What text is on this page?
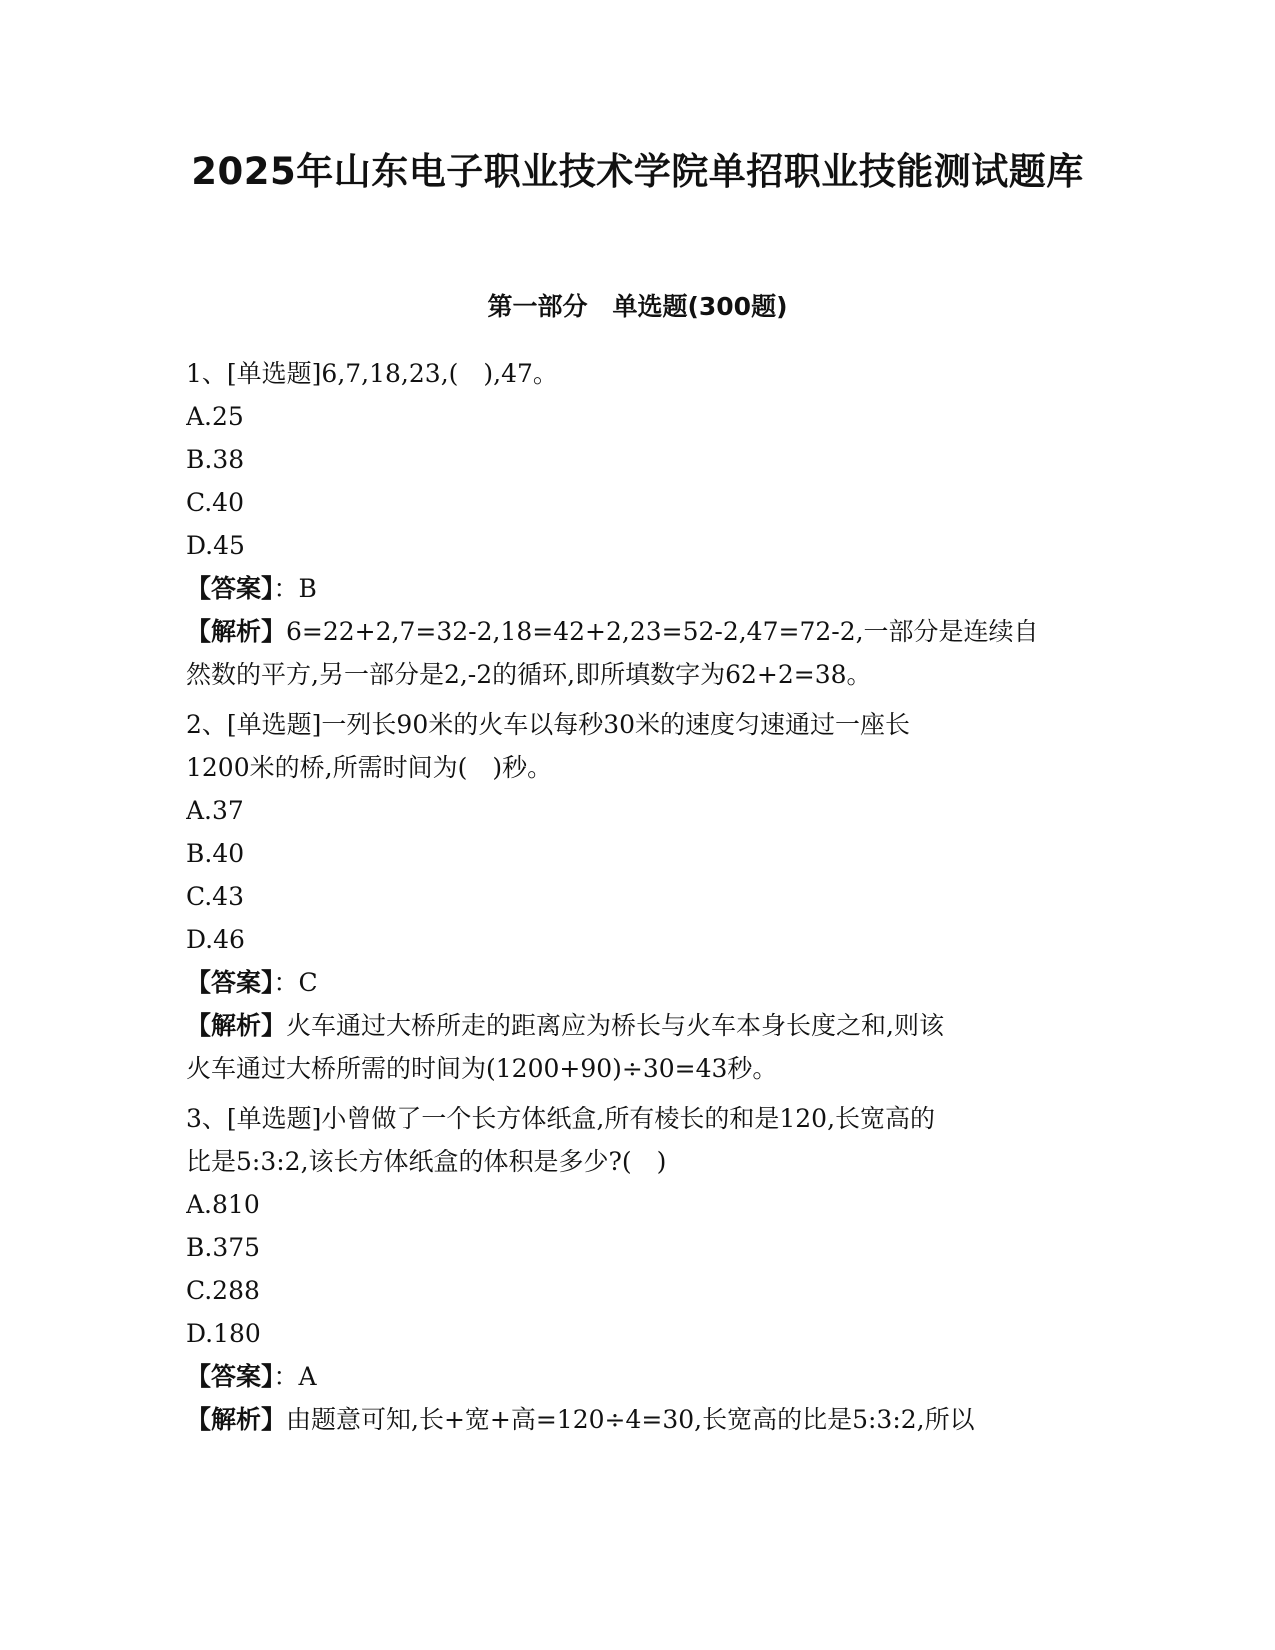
2025年山东电子职业技术学院单招职业技能测试题库
第一部分　单选题(300题)
1、[单选题]6,7,18,23,(　),47。
A.25
B.38
C.40
D.45
【答案】：B
【解析】6=22+2,7=32-2,18=42+2,23=52-2,47=72-2,一部分是连续自
然数的平方,另一部分是2,-2的循环,即所填数字为62+2=38。
2、[单选题]一列长90米的火车以每秒30米的速度匀速通过一座长
1200米的桥,所需时间为(　)秒。
A.37
B.40
C.43
D.46
【答案】：C
【解析】火车通过大桥所走的距离应为桥长与火车本身长度之和,则该
火车通过大桥所需的时间为(1200+90)÷30=43秒。
3、[单选题]小曾做了一个长方体纸盒,所有棱长的和是120,长宽高的
比是5:3:2,该长方体纸盒的体积是多少?(　)
A.810
B.375
C.288
D.180
【答案】：A
【解析】由题意可知,长+宽+高=120÷4=30,长宽高的比是5:3:2,所以
